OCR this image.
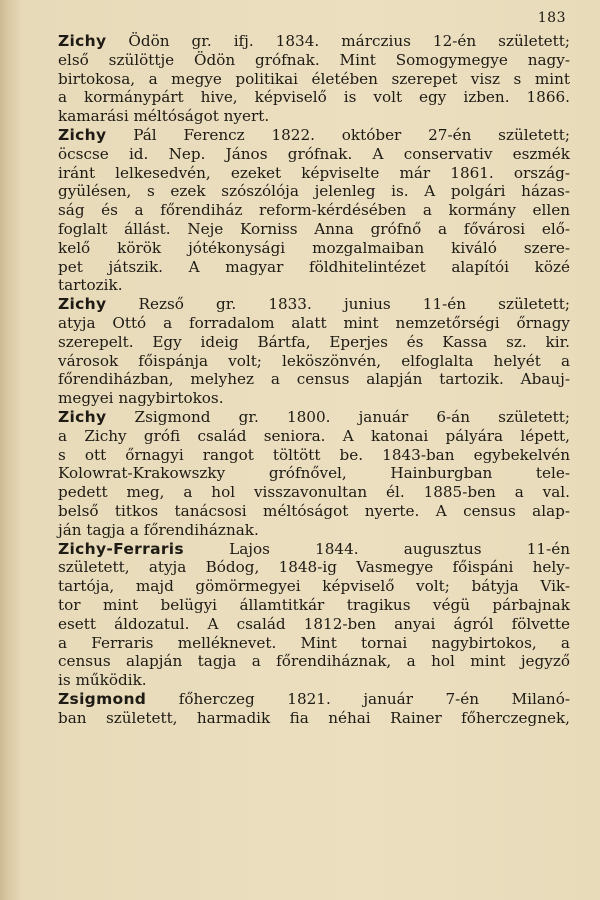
183
Zichy Ödön gr. ifj. 1834. márczius 12-én született;
első szülöttje Ödön grófnak. Mint Somogymegye nagy-
birtokosa, a megye politikai életében szerepet visz s mint
a kormánypárt hive, képviselő is volt egy izben. 1866.
kamarási méltóságot nyert.
Zichy Pál Ferencz 1822. október 27-én született;
öcscse id. Nep. János grófnak. A conservativ eszmék
iránt lelkesedvén, ezeket képviselte már 1861. ország-
gyülésen, s ezek szószólója jelenleg is. A polgári házas-
ság és a főrendiház reform-kérdésében a kormány ellen
foglalt állást. Neje Korniss Anna grófnő a fővárosi elő-
kelő körök jótékonysági mozgalmaiban kiváló szere-
pet játszik. A magyar földhitelintézet alapítói közé
tartozik.
Zichy Rezső gr. 1833. junius 11-én született;
atyja Ottó a forradalom alatt mint nemzetőrségi őrnagy
szerepelt. Egy ideig Bártfa, Eperjes és Kassa sz. kir.
városok főispánja volt; leköszönvén, elfoglalta helyét a
főrendiházban, melyhez a census alapján tartozik. Abauj-
megyei nagybirtokos.
Zichy Zsigmond gr. 1800. január 6-án született;
a Zichy grófi család seniora. A katonai pályára lépett,
s ott őrnagyi rangot töltött be. 1843-ban egybekelvén
Kolowrat-Krakowszky grófnővel, Hainburgban tele-
pedett meg, a hol visszavonultan él. 1885-ben a val.
belső titkos tanácsosi méltóságot nyerte. A census alap-
ján tagja a főrendiháznak.
Zichy-Ferraris Lajos 1844. augusztus 11-én
született, atyja Bódog, 1848-ig Vasmegye főispáni hely-
tartója, majd gömörmegyei képviselő volt; bátyja Vik-
tor mint belügyi államtitkár tragikus végü párbajnak
esett áldozatul. A család 1812-ben anyai ágról fölvette
a Ferraris melléknevet. Mint tornai nagybirtokos, a
census alapján tagja a főrendiháznak, a hol mint jegyző
is működik.
Zsigmond főherczeg 1821. január 7-én Milanó-
ban született, harmadik fia néhai Rainer főherczegnek,
